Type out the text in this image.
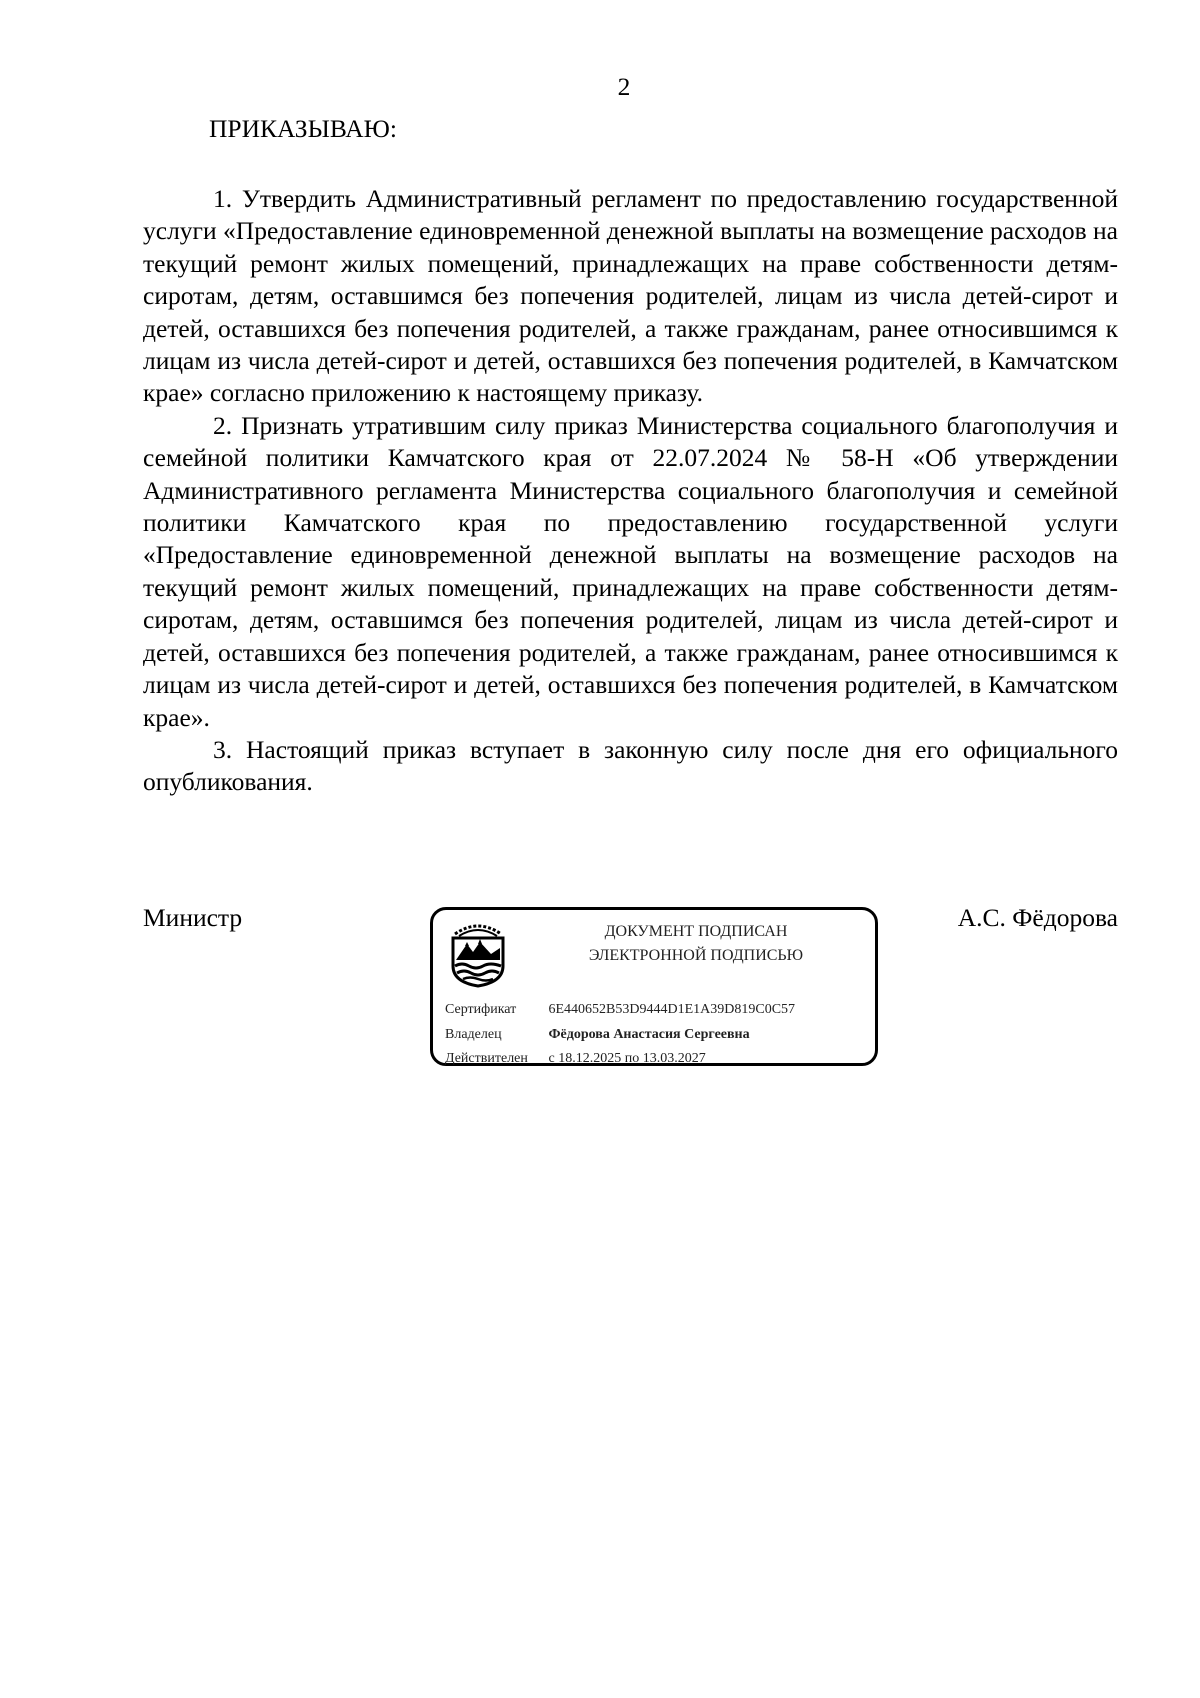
2
ПРИКАЗЫВАЮ:

1. Утвердить Административный регламент по предоставлению государственной услуги «Предоставление единовременной денежной выплаты на возмещение расходов на текущий ремонт жилых помещений, принадлежащих на праве собственности детям-сиротам, детям, оставшимся без попечения родителей, лицам из числа детей-сирот и детей, оставшихся без попечения родителей, а также гражданам, ранее относившимся к лицам из числа детей-сирот и детей, оставшихся без попечения родителей, в Камчатском крае» согласно приложению к настоящему приказу.

2. Признать утратившим силу приказ Министерства социального благополучия и семейной политики Камчатского края от 22.07.2024 № 58-Н «Об утверждении Административного регламента Министерства социального благополучия и семейной политики Камчатского края по предоставлению государственной услуги «Предоставление единовременной денежной выплаты на возмещение расходов на текущий ремонт жилых помещений, принадлежащих на праве собственности детям-сиротам, детям, оставшимся без попечения родителей, лицам из числа детей-сирот и детей, оставшихся без попечения родителей, а также гражданам, ранее относившимся к лицам из числа детей-сирот и детей, оставшихся без попечения родителей, в Камчатском крае».

3. Настоящий приказ вступает в законную силу после дня его официального опубликования.

Министр	А.С. Фёдорова
ДОКУМЕНТ ПОДПИСАН
ЭЛЕКТРОННОЙ ПОДПИСЬЮ
Сертификат 6E440652B53D9444D1E1A39D819C0C57
Владелец	Фёдорова Анастасия Сергеевна
Действителен с 18.12.2025 по 13.03.2027
